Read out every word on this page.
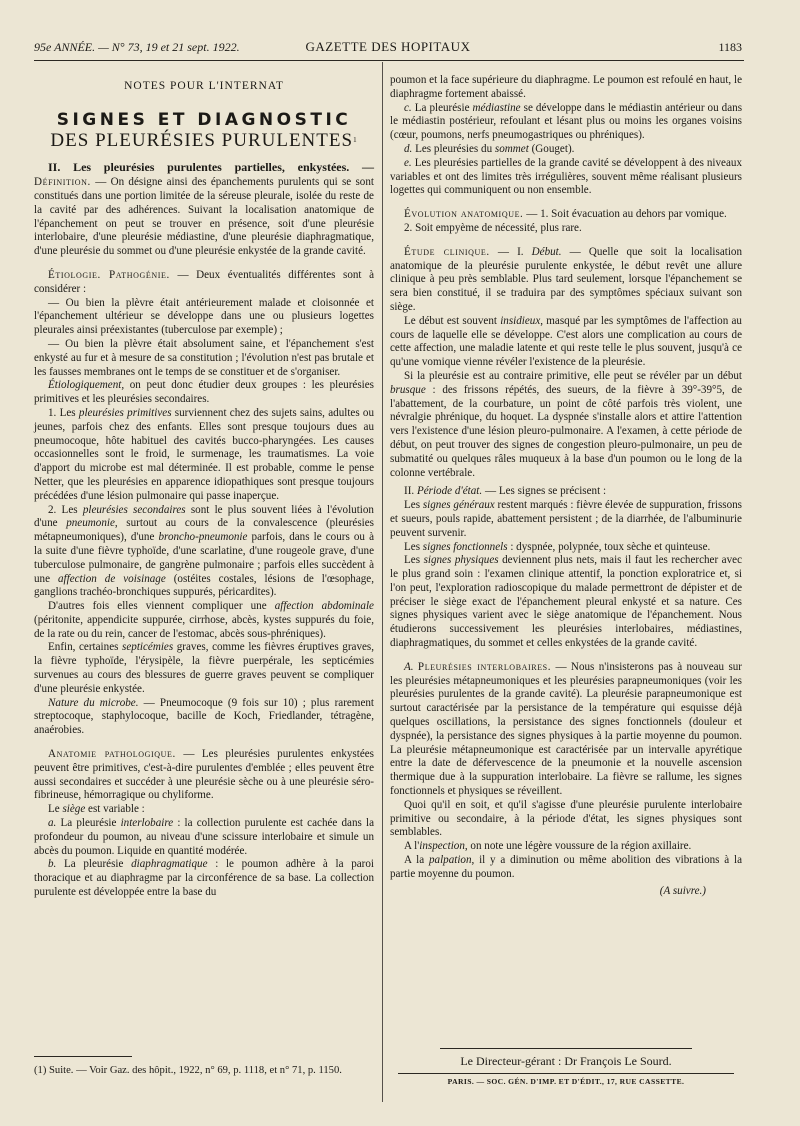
GAZETTE DES HOPITAUX
95e ANNÉE. — N° 73, 19 et 21 sept. 1922.	1183
NOTES POUR L'INTERNAT
SIGNES ET DIAGNOSTIC
DES PLEURÉSIES PURULENTES$^1$

II. Les pleurésies purulentes partielles, enkystées. — Définition. — On désigne ainsi des épanchements purulents qui se sont constitués dans une portion limitée de la séreuse pleurale, isolée du reste de la cavité par des adhérences. Suivant la localisation anatomique de l'épanchement on peut se trouver en présence, soit d'une pleurésie interlobaire, d'une pleurésie médiastine, d'une pleurésie diaphragmatique, d'une pleurésie du sommet ou d'une pleurésie enkystée de la grande cavité.

Étiologie. Pathogénie. — Deux éventualités différentes sont à considérer :

— Ou bien la plèvre était antérieurement malade et cloisonnée et l'épanchement ultérieur se développe dans une ou plusieurs logettes pleurales ainsi préexistantes (tuberculose par exemple) ;

— Ou bien la plèvre était absolument saine, et l'épanchement s'est enkysté au fur et à mesure de sa constitution ; l'évolution n'est pas brutale et les fausses membranes ont le temps de se constituer et de s'organiser.

Étiologiquement, on peut donc étudier deux groupes : les pleurésies primitives et les pleurésies secondaires.

1. Les pleurésies primitives surviennent chez des sujets sains, adultes ou jeunes, parfois chez des enfants. Elles sont presque toujours dues au pneumocoque, hôte habituel des cavités bucco-pharyngées. Les causes occasionnelles sont le froid, le surmenage, les traumatismes. La voie d'apport du microbe est mal déterminée. Il est probable, comme le pense Netter, que les pleurésies en apparence idiopathiques sont presque toujours précédées d'une lésion pulmonaire qui passe inaperçue.

2. Les pleurésies secondaires sont le plus souvent liées à l'évolution d'une pneumonie, surtout au cours de la convalescence (pleurésies métapneumoniques), d'une broncho-pneumonie parfois, dans le cours ou à la suite d'une fièvre typhoïde, d'une scarlatine, d'une rougeole grave, d'une tuberculose pulmonaire, de gangrène pulmonaire ; parfois elles succèdent à une affection de voisinage (ostéites costales, lésions de l'œsophage, ganglions trachéo-bronchiques suppurés, péricardites).

D'autres fois elles viennent compliquer une affection abdominale (péritonite, appendicite suppurée, cirrhose, abcès, kystes suppurés du foie, de la rate ou du rein, cancer de l'estomac, abcès sous-phréniques).

Enfin, certaines septicémies graves, comme les fièvres éruptives graves, la fièvre typhoïde, l'érysipèle, la fièvre puerpérale, les septicémies survenues au cours des blessures de guerre graves peuvent se compliquer d'une pleurésie enkystée.

Nature du microbe. — Pneumocoque (9 fois sur 10) ; plus rarement streptocoque, staphylocoque, bacille de Koch, Friedlander, tétragène, anaérobies.

Anatomie pathologique. — Les pleurésies purulentes enkystées peuvent être primitives, c'est-à-dire purulentes d'emblée ; elles peuvent être aussi secondaires et succéder à une pleurésie sèche ou à une pleurésie séro-fibrineuse, hémorragique ou chyliforme.

Le siège est variable :

a. La pleurésie interlobaire : la collection purulente est cachée dans la profondeur du poumon, au niveau d'une scissure interlobaire et simule un abcès du poumon. Liquide en quantité modérée.

b. La pleurésie diaphragmatique : le poumon adhère à la paroi thoracique et au diaphragme par la circonférence de sa base. La collection purulente est développée entre la base du

(1) Suite. — Voir Gaz. des hôpit., 1922, n° 69, p. 1118, et n° 71, p. 1150.

poumon et la face supérieure du diaphragme. Le poumon est refoulé en haut, le diaphragme fortement abaissé.

c. La pleurésie médiastine se développe dans le médiastin antérieur ou dans le médiastin postérieur, refoulant et lésant plus ou moins les organes voisins (cœur, poumons, nerfs pneumogastriques ou phréniques).

d. Les pleurésies du sommet (Gouget).

e. Les pleurésies partielles de la grande cavité se développent à des niveaux variables et ont des limites très irrégulières, souvent même réalisant plusieurs logettes qui communiquent ou non ensemble.

Évolution anatomique. — 1. Soit évacuation au dehors par vomique.

2. Soit empyème de nécessité, plus rare.

Étude clinique. — I. Début. — Quelle que soit la localisation anatomique de la pleurésie purulente enkystée, le début revêt une allure clinique à peu près semblable. Plus tard seulement, lorsque l'épanchement se sera bien constitué, il se traduira par des symptômes spéciaux suivant son siège.

Le début est souvent insidieux, masqué par les symptômes de l'affection au cours de laquelle elle se développe. C'est alors une complication au cours de cette affection, une maladie latente et qui reste telle le plus souvent, jusqu'à ce qu'une vomique vienne révéler l'existence de la pleurésie.

Si la pleurésie est au contraire primitive, elle peut se révéler par un début brusque : des frissons répétés, des sueurs, de la fièvre à 39°-39°5, de l'abattement, de la courbature, un point de côté parfois très violent, une névralgie phrénique, du hoquet. La dyspnée s'installe alors et attire l'attention vers l'existence d'une lésion pleuro-pulmonaire. A l'examen, à cette période de début, on peut trouver des signes de congestion pleuro-pulmonaire, un peu de submatité ou quelques râles muqueux à la base d'un poumon ou le long de la colonne vertébrale.

II. Période d'état. — Les signes se précisent :

Les signes généraux restent marqués : fièvre élevée de suppuration, frissons et sueurs, pouls rapide, abattement persistent ; de la diarrhée, de l'albuminurie peuvent survenir.

Les signes fonctionnels : dyspnée, polypnée, toux sèche et quinteuse.

Les signes physiques deviennent plus nets, mais il faut les rechercher avec le plus grand soin : l'examen clinique attentif, la ponction exploratrice et, si l'on peut, l'exploration radioscopique du malade permettront de dépister et de préciser le siège exact de l'épanchement pleural enkysté et sa nature. Ces signes physiques varient avec le siège anatomique de l'épanchement. Nous étudierons successivement les pleurésies interlobaires, médiastines, diaphragmatiques, du sommet et celles enkystées de la grande cavité.

A. Pleurésies interlobaires. — Nous n'insisterons pas à nouveau sur les pleurésies métapneumoniques et les pleurésies parapneumoniques (voir les pleurésies purulentes de la grande cavité). La pleurésie parapneumonique est surtout caractérisée par la persistance de la température qui esquisse déjà quelques oscillations, la persistance des signes fonctionnels (douleur et dyspnée), la persistance des signes physiques à la partie moyenne du poumon. La pleurésie métapneumonique est caractérisée par un intervalle apyrétique entre la date de défervescence de la pneumonie et la nouvelle ascension thermique due à la suppuration interlobaire. La fièvre se rallume, les signes fonctionnels et physiques se réveillent.

Quoi qu'il en soit, et qu'il s'agisse d'une pleurésie purulente interlobaire primitive ou secondaire, à la période d'état, les signes physiques sont semblables.

A l'inspection, on note une légère voussure de la région axillaire.

A la palpation, il y a diminution ou même abolition des vibrations à la partie moyenne du poumon.

(A suivre.)
Le Directeur-gérant : Dr François Le Sourd.
PARIS. — SOC. GÉN. D'IMP. ET D'ÉDIT., 17, RUE CASSETTE.
